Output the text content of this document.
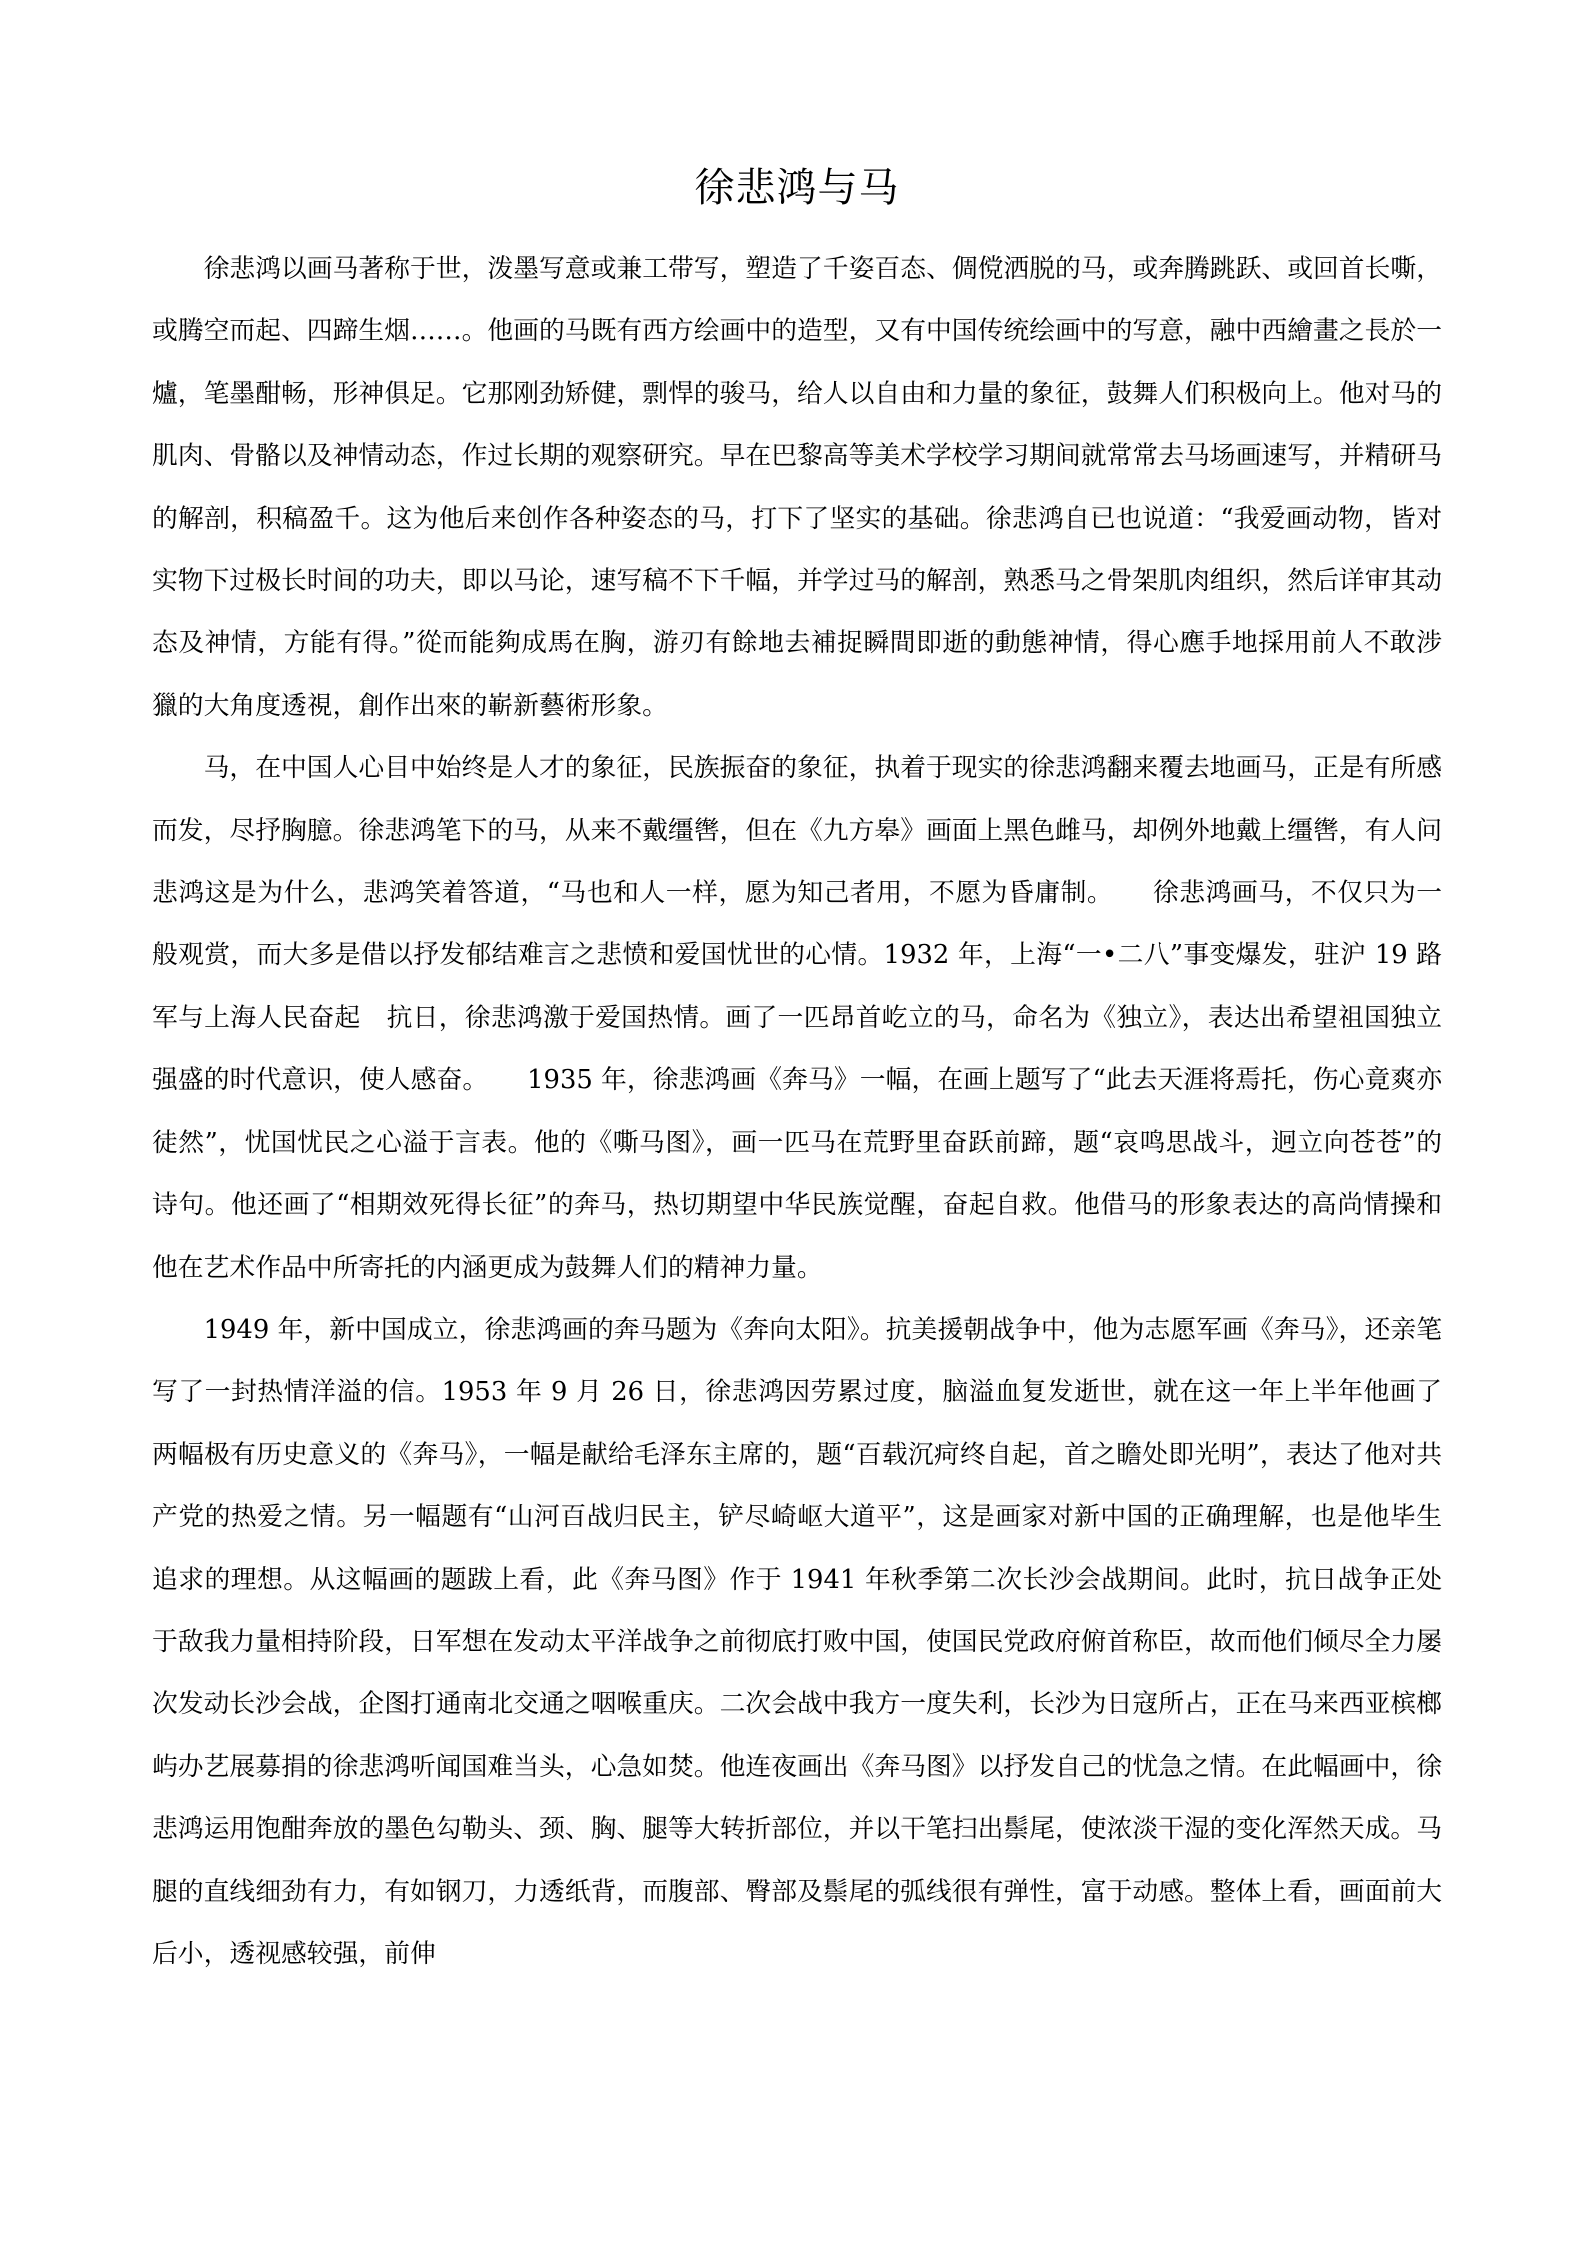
徐悲鸿与马

徐悲鸿以画马著称于世，泼墨写意或兼工带写，塑造了千姿百态、倜傥洒脱的马，或奔腾跳跃、或回首长嘶，或腾空而起、四蹄生烟……。他画的马既有西方绘画中的造型，又有中国传统绘画中的写意，融中西繪畫之長於一爐，笔墨酣畅，形神俱足。它那刚劲矫健，剽悍的骏马，给人以自由和力量的象征，鼓舞人们积极向上。他对马的肌肉、骨骼以及神情动态，作过长期的观察研究。早在巴黎高等美术学校学习期间就常常去马场画速写，并精研马的解剖，积稿盈千。这为他后来创作各种姿态的马，打下了坚实的基础。徐悲鸿自已也说道：“我爱画动物，皆对实物下过极长时间的功夫，即以马论，速写稿不下千幅，并学过马的解剖，熟悉马之骨架肌肉组织，然后详审其动态及神情，方能有得。”從而能夠成馬在胸，游刃有餘地去補捉瞬間即逝的動態神情，得心應手地採用前人不敢涉獵的大角度透視，創作出來的嶄新藝術形象。

马，在中国人心目中始终是人才的象征，民族振奋的象征，执着于现实的徐悲鸿翻来覆去地画马，正是有所感而发，尽抒胸臆。徐悲鸿笔下的马，从来不戴缰辔，但在《九方皋》画面上黑色雌马，却例外地戴上缰辔，有人问悲鸿这是为什么，悲鸿笑着答道，“马也和人一样，愿为知己者用，不愿为昏庸制。　　徐悲鸿画马，不仅只为一般观赏，而大多是借以抒发郁结难言之悲愤和爱国忧世的心情。1932 年，上海“一•二八”事变爆发，驻沪 19 路军与上海人民奋起　抗日，徐悲鸿激于爱国热情。画了一匹昂首屹立的马，命名为《独立》，表达出希望祖国独立强盛的时代意识，使人感奋。　　1935 年，徐悲鸿画《奔马》一幅，在画上题写了“此去天涯将焉托，伤心竟爽亦徒然”，忧国忧民之心溢于言表。他的《嘶马图》，画一匹马在荒野里奋跃前蹄，题“哀鸣思战斗，迥立向苍苍”的诗句。他还画了“相期效死得长征”的奔马，热切期望中华民族觉醒，奋起自救。他借马的形象表达的高尚情操和他在艺术作品中所寄托的内涵更成为鼓舞人们的精神力量。

1949 年，新中国成立，徐悲鸿画的奔马题为《奔向太阳》。抗美援朝战争中，他为志愿军画《奔马》，还亲笔写了一封热情洋溢的信。1953 年 9 月 26 日，徐悲鸿因劳累过度，脑溢血复发逝世，就在这一年上半年他画了两幅极有历史意义的《奔马》，一幅是献给毛泽东主席的，题“百载沉疴终自起，首之瞻处即光明”，表达了他对共产党的热爱之情。另一幅题有“山河百战归民主，铲尽崎岖大道平”，这是画家对新中国的正确理解，也是他毕生追求的理想。从这幅画的题跋上看，此《奔马图》作于 1941 年秋季第二次长沙会战期间。此时，抗日战争正处于敌我力量相持阶段，日军想在发动太平洋战争之前彻底打败中国，使国民党政府俯首称臣，故而他们倾尽全力屡次发动长沙会战，企图打通南北交通之咽喉重庆。二次会战中我方一度失利，长沙为日寇所占，正在马来西亚槟榔屿办艺展募捐的徐悲鸿听闻国难当头，心急如焚。他连夜画出《奔马图》以抒发自己的忧急之情。在此幅画中，徐悲鸿运用饱酣奔放的墨色勾勒头、颈、胸、腿等大转折部位，并以干笔扫出鬃尾，使浓淡干湿的变化浑然天成。马腿的直线细劲有力，有如钢刀，力透纸背，而腹部、臀部及鬃尾的弧线很有弹性，富于动感。整体上看，画面前大后小，透视感较强，前伸
